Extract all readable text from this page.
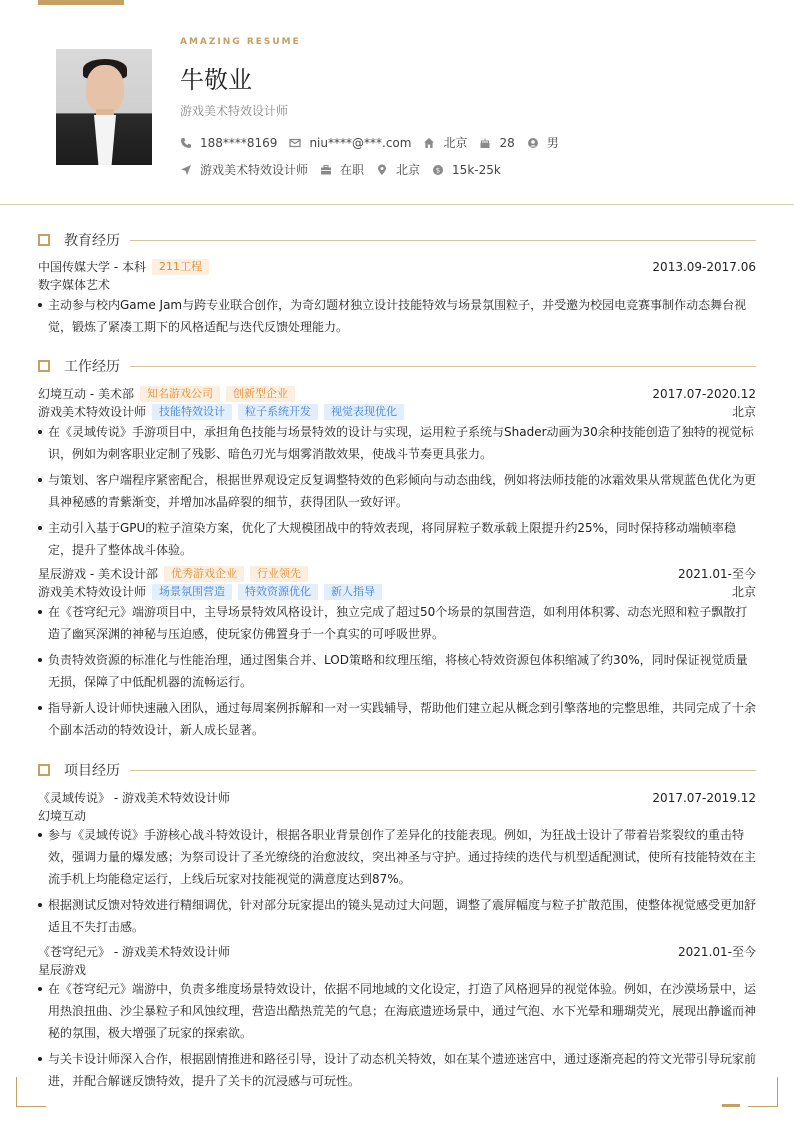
AMAZING RESUME
牛敬业
游戏美术特效设计师
188****8169	niu****@***.com	北京	28	男
游戏美术特效设计师	在职	北京 $ 15k-25k
教育经历
中国传媒大学 - 本科	211工程	2013.09-2017.06
数字媒体艺术
主动参与校内Game Jam与跨专业联合创作，为奇幻题材独立设计技能特效与场景氛围粒子，并受邀为校园电竞赛事制作动态舞台视觉，锻炼了紧凑工期下的风格适配与迭代反馈处理能力。
工作经历
幻境互动 - 美术部	知名游戏公司	创新型企业	2017.07-2020.12
游戏美术特效设计师	技能特效设计	粒子系统开发	视觉表现优化	北京
在《灵域传说》手游项目中，承担角色技能与场景特效的设计与实现，运用粒子系统与Shader动画为30余种技能创造了独特的视觉标识，例如为刺客职业定制了残影、暗色刃光与烟雾消散效果，使战斗节奏更具张力。
与策划、客户端程序紧密配合，根据世界观设定反复调整特效的色彩倾向与动态曲线，例如将法师技能的冰霜效果从常规蓝色优化为更具神秘感的青紫渐变，并增加冰晶碎裂的细节，获得团队一致好评。
主动引入基于GPU的粒子渲染方案，优化了大规模团战中的特效表现，将同屏粒子数承载上限提升约25%，同时保持移动端帧率稳定，提升了整体战斗体验。
星辰游戏 - 美术设计部	优秀游戏企业	行业领先	2021.01-至今
游戏美术特效设计师	场景氛围营造	特效资源优化	新人指导	北京
在《苍穹纪元》端游项目中，主导场景特效风格设计，独立完成了超过50个场景的氛围营造，如利用体积雾、动态光照和粒子飘散打造了幽冥深渊的神秘与压迫感，使玩家仿佛置身于一个真实的可呼吸世界。
负责特效资源的标准化与性能治理，通过图集合并、LOD策略和纹理压缩，将核心特效资源包体积缩减了约30%，同时保证视觉质量无损，保障了中低配机器的流畅运行。
指导新人设计师快速融入团队，通过每周案例拆解和一对一实践辅导，帮助他们建立起从概念到引擎落地的完整思维，共同完成了十余个副本活动的特效设计，新人成长显著。
项目经历
《灵域传说》 - 游戏美术特效设计师	2017.07-2019.12
幻境互动
参与《灵域传说》手游核心战斗特效设计，根据各职业背景创作了差异化的技能表现。例如，为狂战士设计了带着岩浆裂纹的重击特效，强调力量的爆发感；为祭司设计了圣光缭绕的治愈波纹，突出神圣与守护。通过持续的迭代与机型适配测试，使所有技能特效在主流手机上均能稳定运行，上线后玩家对技能视觉的满意度达到87%。
根据测试反馈对特效进行精细调优，针对部分玩家提出的镜头晃动过大问题，调整了震屏幅度与粒子扩散范围，使整体视觉感受更加舒适且不失打击感。
《苍穹纪元》 - 游戏美术特效设计师	2021.01-至今
星辰游戏
在《苍穹纪元》端游中，负责多维度场景特效设计，依据不同地域的文化设定，打造了风格迥异的视觉体验。例如，在沙漠场景中，运用热浪扭曲、沙尘暴粒子和风蚀纹理，营造出酷热荒芜的气息；在海底遗迹场景中，通过气泡、水下光晕和珊瑚荧光，展现出静谧而神秘的氛围，极大增强了玩家的探索欲。
与关卡设计师深入合作，根据剧情推进和路径引导，设计了动态机关特效，如在某个遗迹迷宫中，通过逐渐亮起的符文光带引导玩家前进，并配合解谜反馈特效，提升了关卡的沉浸感与可玩性。
